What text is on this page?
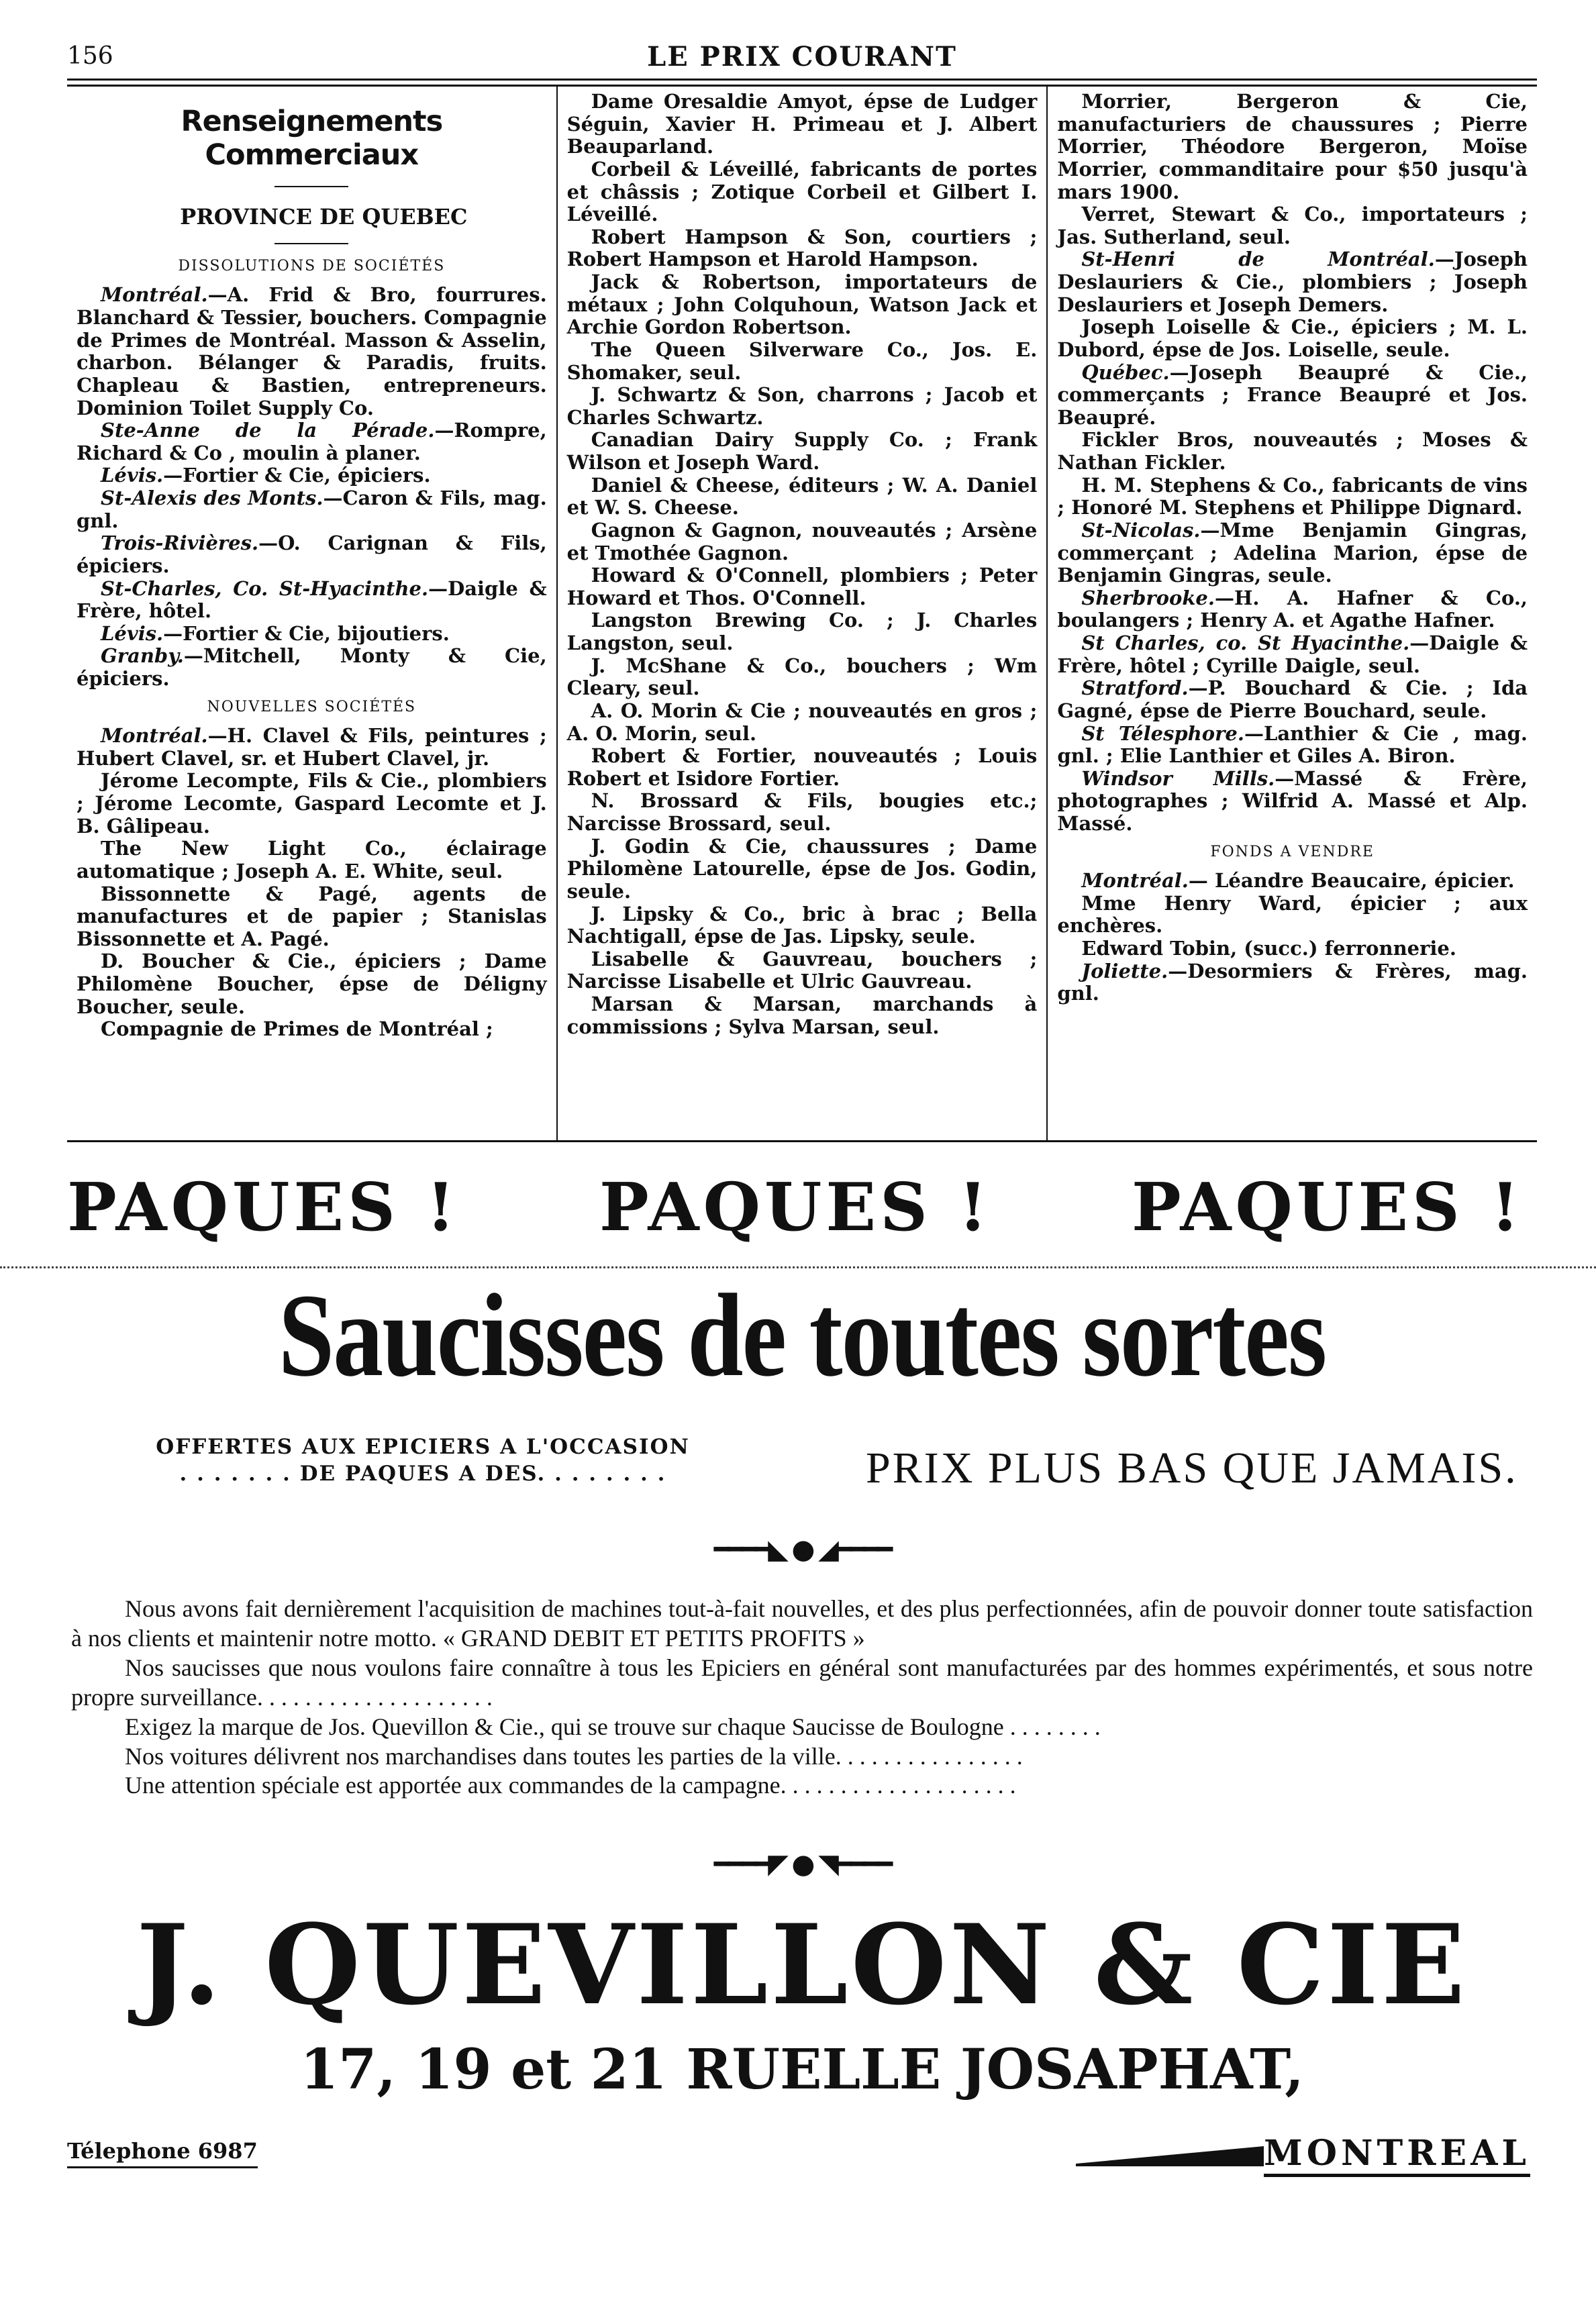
156	LE PRIX COURANT

Renseignements Commerciaux

PROVINCE DE QUEBEC

DISSOLUTIONS DE SOCIÉTÉS

Montréal.—A. Frid & Bro, fourrures. Blanchard & Tessier, bouchers. Compagnie de Primes de Montréal. Masson & Asselin, charbon. Bélanger & Paradis, fruits. Chapleau & Bastien, entrepreneurs. Dominion Toilet Supply Co.

Ste-Anne de la Pérade.—Rompre, Richard & Co , moulin à planer.

Lévis.—Fortier & Cie, épiciers.

St-Alexis des Monts.—Caron & Fils, mag. gnl.

Trois-Rivières.—O. Carignan & Fils, épiciers.

St-Charles, Co. St-Hyacinthe.—Daigle & Frère, hôtel.

Lévis.—Fortier & Cie, bijoutiers.

Granby.—Mitchell, Monty & Cie, épiciers.

NOUVELLES SOCIÉTÉS

Montréal.—H. Clavel & Fils, peintures ; Hubert Clavel, sr. et Hubert Clavel, jr.

Jérome Lecompte, Fils & Cie., plombiers ; Jérome Lecomte, Gaspard Lecomte et J. B. Gâlipeau.

The New Light Co., éclairage automatique ; Joseph A. E. White, seul.

Bissonnette & Pagé, agents de manufactures et de papier ; Stanislas Bissonnette et A. Pagé.

D. Boucher & Cie., épiciers ; Dame Philomène Boucher, épse de Déligny Boucher, seule.

Compagnie de Primes de Montréal ;

Dame Oresaldie Amyot, épse de Ludger Séguin, Xavier H. Primeau et J. Albert Beauparland.

Corbeil & Léveillé, fabricants de portes et châssis ; Zotique Corbeil et Gilbert I. Léveillé.

Robert Hampson & Son, courtiers ; Robert Hampson et Harold Hampson.

Jack & Robertson, importateurs de métaux ; John Colquhoun, Watson Jack et Archie Gordon Robertson.

The Queen Silverware Co., Jos. E. Shomaker, seul.

J. Schwartz & Son, charrons ; Jacob et Charles Schwartz.

Canadian Dairy Supply Co. ; Frank Wilson et Joseph Ward.

Daniel & Cheese, éditeurs ; W. A. Daniel et W. S. Cheese.

Gagnon & Gagnon, nouveautés ; Arsène et Tmothée Gagnon.

Howard & O'Connell, plombiers ; Peter Howard et Thos. O'Connell.

Langston Brewing Co. ; J. Charles Langston, seul.

J. McShane & Co., bouchers ; Wm Cleary, seul.

A. O. Morin & Cie ; nouveautés en gros ; A. O. Morin, seul.

Robert & Fortier, nouveautés ; Louis Robert et Isidore Fortier.

N. Brossard & Fils, bougies etc.; Narcisse Brossard, seul.

J. Godin & Cie, chaussures ; Dame Philomène Latourelle, épse de Jos. Godin, seule.

J. Lipsky & Co., bric à brac ; Bella Nachtigall, épse de Jas. Lipsky, seule.

Lisabelle & Gauvreau, bouchers ; Narcisse Lisabelle et Ulric Gauvreau.

Marsan & Marsan, marchands à commissions ; Sylva Marsan, seul.

Morrier, Bergeron & Cie, manufacturiers de chaussures ; Pierre Morrier, Théodore Bergeron, Moïse Morrier, commanditaire pour $50 jusqu'à mars 1900.

Verret, Stewart & Co., importateurs ; Jas. Sutherland, seul.

St-Henri de Montréal.—Joseph Deslauriers & Cie., plombiers ; Joseph Deslauriers et Joseph Demers.

Joseph Loiselle & Cie., épiciers ; M. L. Dubord, épse de Jos. Loiselle, seule.

Québec.—Joseph Beaupré & Cie., commerçants ; France Beaupré et Jos. Beaupré.

Fickler Bros, nouveautés ; Moses & Nathan Fickler.

H. M. Stephens & Co., fabricants de vins ; Honoré M. Stephens et Philippe Dignard.

St-Nicolas.—Mme Benjamin Gingras, commerçant ; Adelina Marion, épse de Benjamin Gingras, seule.

Sherbrooke.—H. A. Hafner & Co., boulangers ; Henry A. et Agathe Hafner.

St Charles, co. St Hyacinthe.—Daigle & Frère, hôtel ; Cyrille Daigle, seul.

Stratford.—P. Bouchard & Cie. ; Ida Gagné, épse de Pierre Bouchard, seule.

St Télesphore.—Lanthier & Cie , mag. gnl. ; Elie Lanthier et Giles A. Biron.

Windsor Mills.—Massé & Frère, photographes ; Wilfrid A. Massé et Alp. Massé.

FONDS A VENDRE

Montréal.— Léandre Beaucaire, épicier.

Mme Henry Ward, épicier ; aux enchères.

Edward Tobin, (succ.) ferronnerie.

Joliette.—Desormiers & Frères, mag. gnl.

PAQUES ! PAQUES ! PAQUES !
Saucisses de toutes sortes
OFFERTES AUX EPICIERS A L'OCCASION
. . . . . . . DE PAQUES A DES. . . . . . . .	PRIX PLUS BAS QUE JAMAIS.
━━━━◣ ● ◢━━━━

Nous avons fait dernièrement l'acquisition de machines tout-à-fait nouvelles, et des plus perfectionnées, afin de pouvoir donner toute satisfaction à nos clients et maintenir notre motto. « GRAND DEBIT ET PETITS PROFITS »

Nos saucisses que nous voulons faire connaître à tous les Epiciers en général sont manufacturées par des hommes expérimentés, et sous notre propre surveillance. . . . . . . . . . . . . . . . . . . .

Exigez la marque de Jos. Quevillon & Cie., qui se trouve sur chaque Saucisse de Boulogne . . . . . . . .

Nos voitures délivrent nos marchandises dans toutes les parties de la ville. . . . . . . . . . . . . . . .

Une attention spéciale est apportée aux commandes de la campagne. . . . . . . . . . . . . . . . . . . .

━━━━◤ ● ◥━━━━
J. QUEVILLON & CIE
17, 19 et 21 RUELLE JOSAPHAT,
Télephone 6987	MONTREAL
